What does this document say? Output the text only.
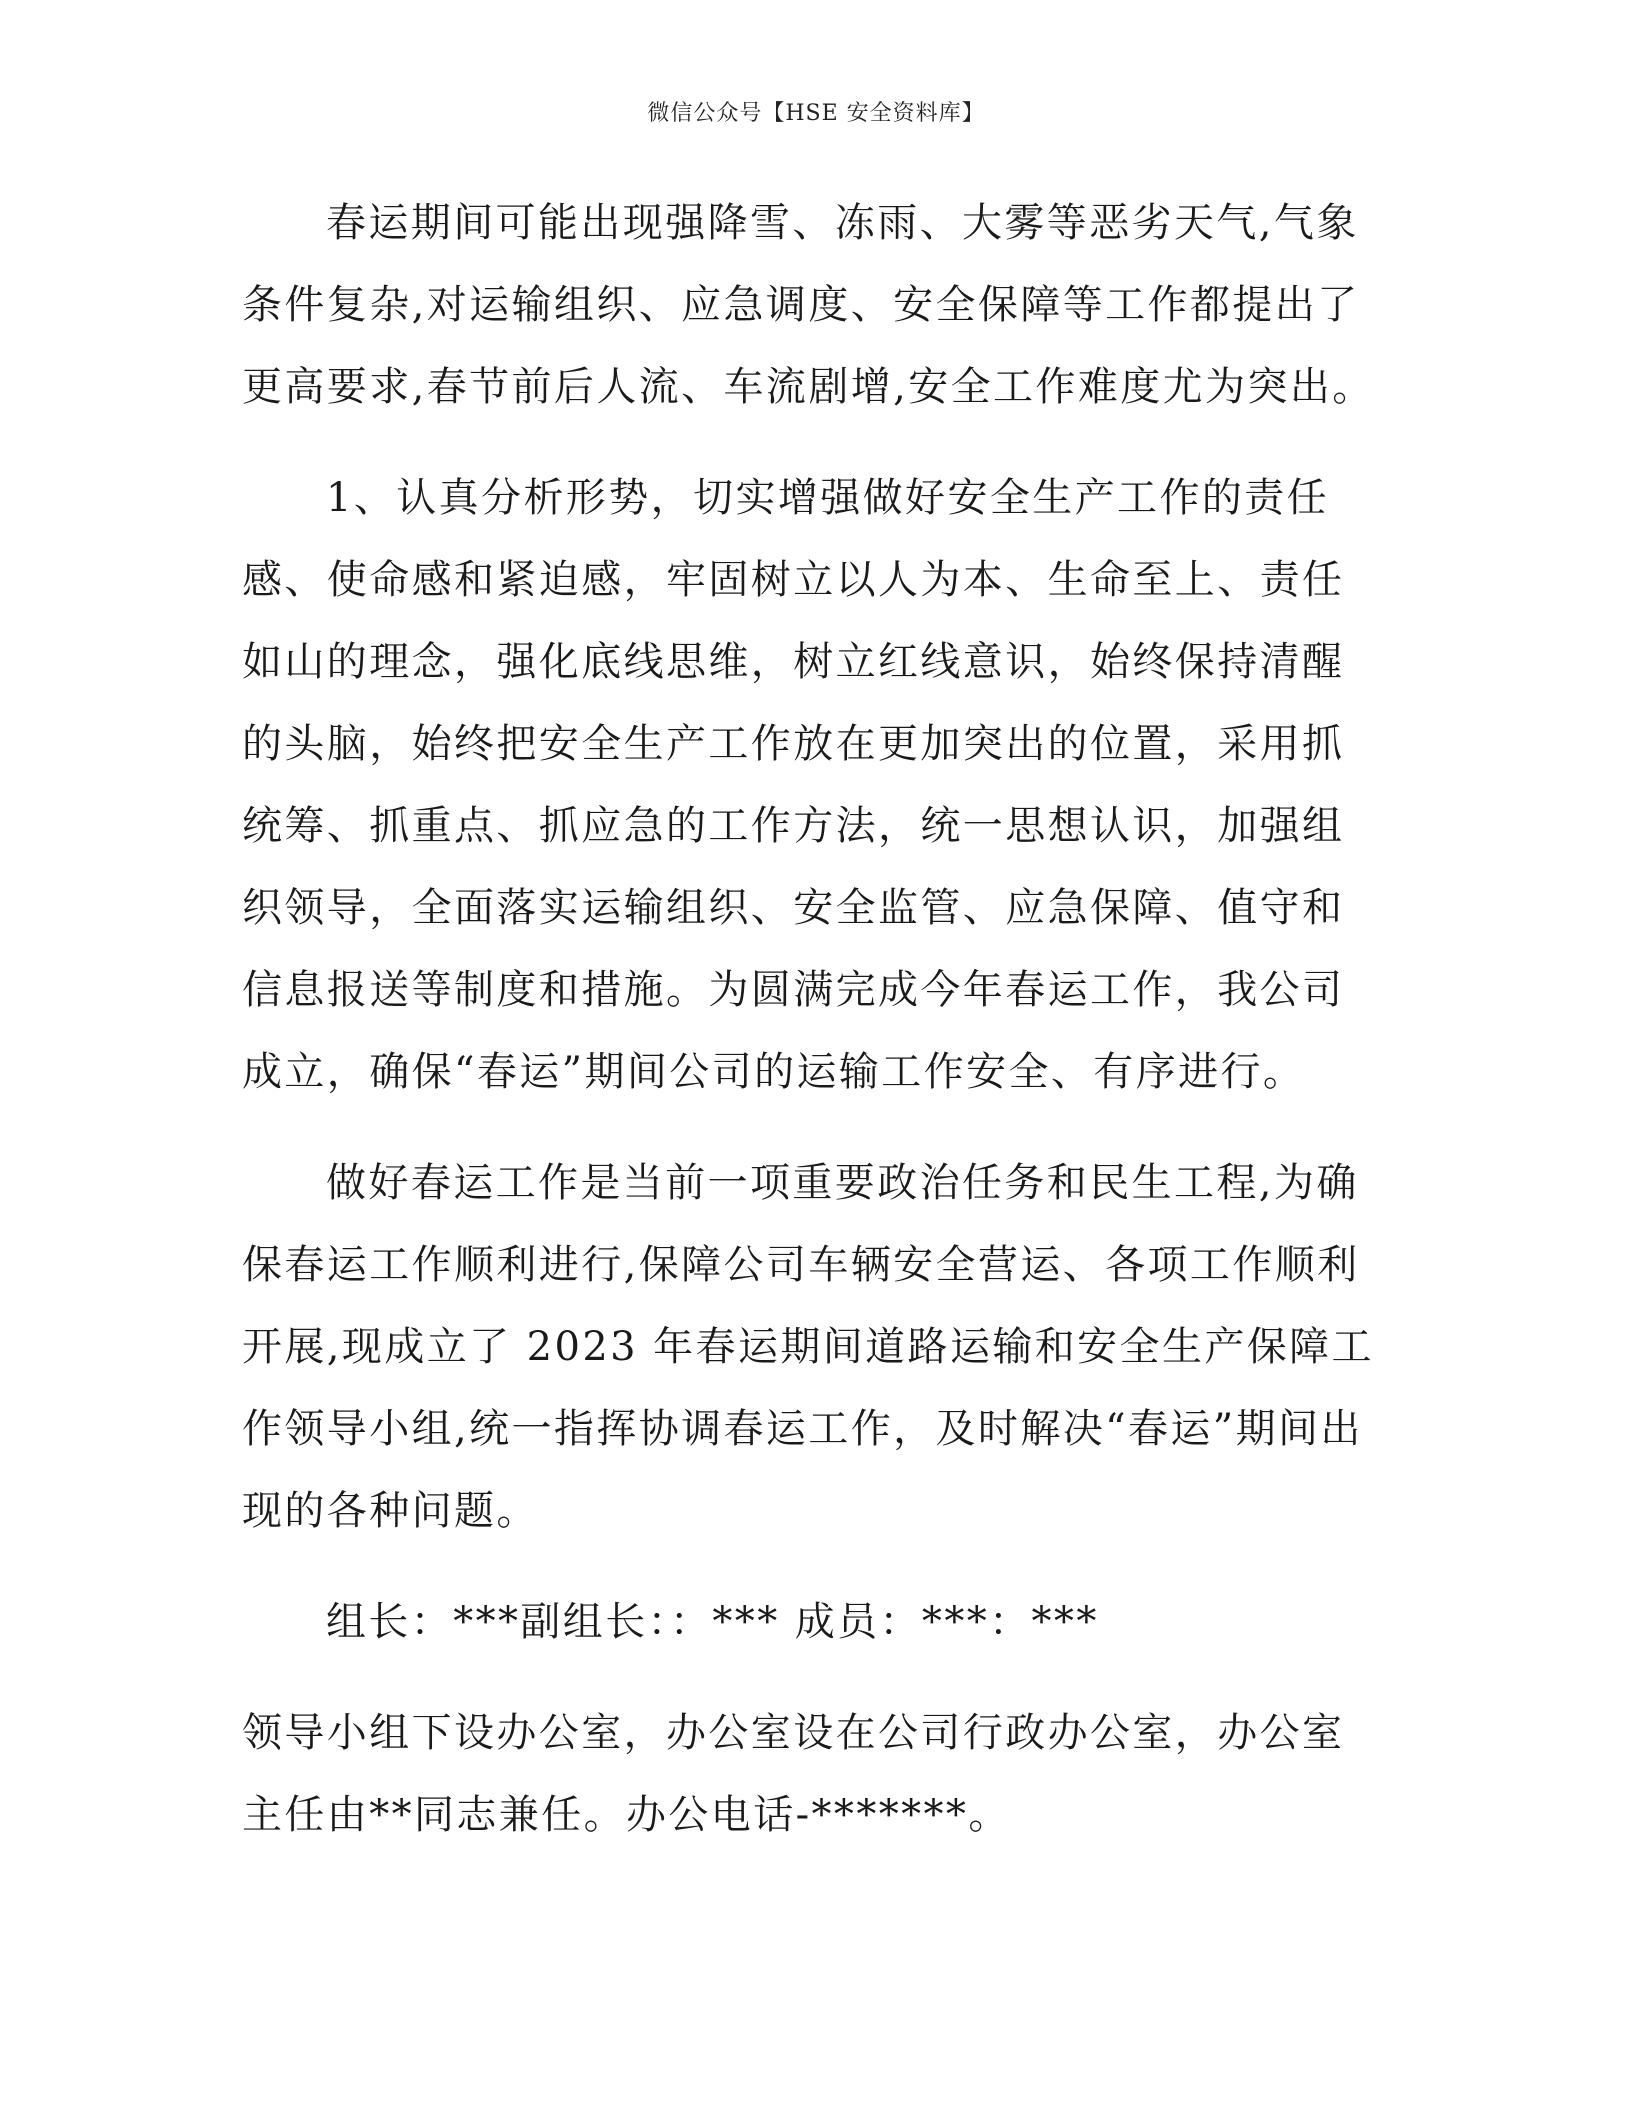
微信公众号【HSE 安全资料库】

春运期间可能出现强降雪、冻雨、大雾等恶劣天气,气象条件复杂,对运输组织、应急调度、安全保障等工作都提出了更高要求,春节前后人流、车流剧增,安全工作难度尤为突出。

1、认真分析形势，切实增强做好安全生产工作的责任感、使命感和紧迫感，牢固树立以人为本、生命至上、责任如山的理念，强化底线思维，树立红线意识，始终保持清醒的头脑，始终把安全生产工作放在更加突出的位置，采用抓统筹、抓重点、抓应急的工作方法，统一思想认识，加强组织领导，全面落实运输组织、安全监管、应急保障、值守和信息报送等制度和措施。为圆满完成今年春运工作，我公司成立，确保“春运”期间公司的运输工作安全、有序进行。

做好春运工作是当前一项重要政治任务和民生工程,为确保春运工作顺利进行,保障公司车辆安全营运、各项工作顺利开展,现成立了 2023 年春运期间道路运输和安全生产保障工作领导小组,统一指挥协调春运工作，及时解决“春运”期间出现的各种问题。

组长：***副组长：：*** 成员：***：***

领导小组下设办公室，办公室设在公司行政办公室，办公室主任由**同志兼任。办公电话-*******。
